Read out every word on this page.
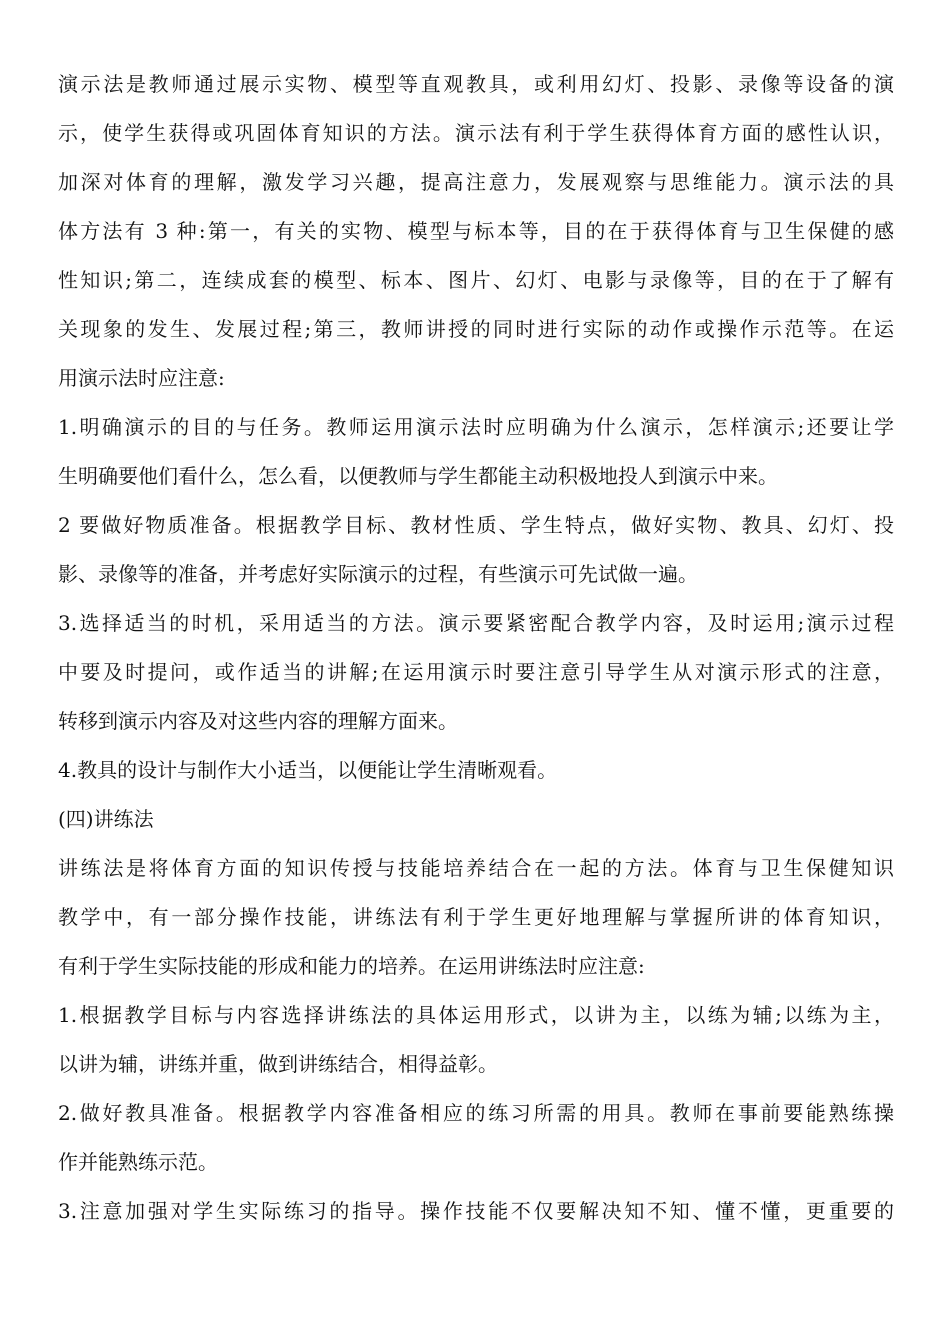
演示法是教师通过展示实物、模型等直观教具，或利用幻灯、投影、录像等设备的演
示，使学生获得或巩固体育知识的方法。演示法有利于学生获得体育方面的感性认识，
加深对体育的理解，激发学习兴趣，提高注意力，发展观察与思维能力。演示法的具
体方法有 3 种:第一，有关的实物、模型与标本等，目的在于获得体育与卫生保健的感
性知识;第二，连续成套的模型、标本、图片、幻灯、电影与录像等，目的在于了解有
关现象的发生、发展过程;第三，教师讲授的同时进行实际的动作或操作示范等。在运
用演示法时应注意:
1.明确演示的目的与任务。教师运用演示法时应明确为什么演示，怎样演示;还要让学
生明确要他们看什么，怎么看，以便教师与学生都能主动积极地投人到演示中来。
2 要做好物质准备。根据教学目标、教材性质、学生特点，做好实物、教具、幻灯、投
影、录像等的准备，并考虑好实际演示的过程，有些演示可先试做一遍。
3.选择适当的时机，采用适当的方法。演示要紧密配合教学内容，及时运用;演示过程
中要及时提问，或作适当的讲解;在运用演示时要注意引导学生从对演示形式的注意，
转移到演示内容及对这些内容的理解方面来。
4.教具的设计与制作大小适当，以便能让学生清晰观看。
(四)讲练法
讲练法是将体育方面的知识传授与技能培养结合在一起的方法。体育与卫生保健知识
教学中，有一部分操作技能，讲练法有利于学生更好地理解与掌握所讲的体育知识，
有利于学生实际技能的形成和能力的培养。在运用讲练法时应注意:
1.根据教学目标与内容选择讲练法的具体运用形式，以讲为主，以练为辅;以练为主，
以讲为辅，讲练并重，做到讲练结合，相得益彰。
2.做好教具准备。根据教学内容准备相应的练习所需的用具。教师在事前要能熟练操
作并能熟练示范。
3.注意加强对学生实际练习的指导。操作技能不仅要解决知不知、懂不懂，更重要的
